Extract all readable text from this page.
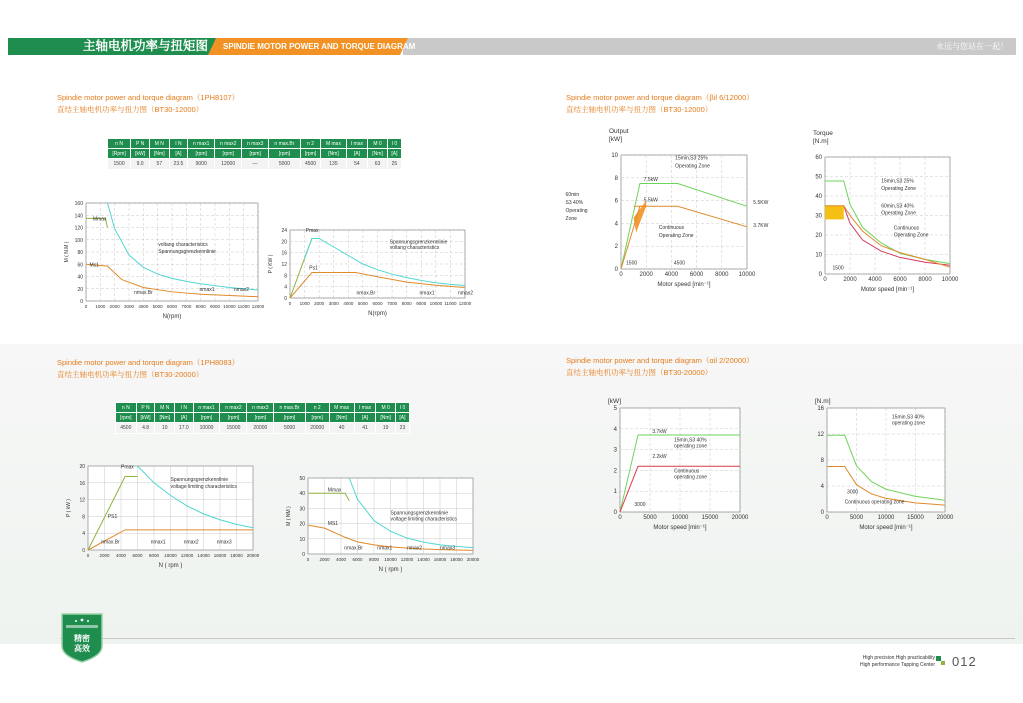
永远与您站在一起！
主轴电机功率与扭矩图 SPINDIE MOTOR POWER AND TORQUE DIAGRAM
Spindie motor power and torque diagram（1PH8107）
直结主轴电机功率与扭力图（BT30-12000）
Spindie motor power and torque diagram（βil 6/12000）
直结主轴电机功率与扭力图（BT30-12000）
Spindie motor power and torque diagram（1PH8083）
直结主轴电机功率与扭力图（BT30-20000）
Spindie motor power and torque diagram（αil 2/20000）
直结主轴电机功率与扭力图（BT30-20000）
n N	P N	M N	I N	n max1	n max2	n max3	n max.Br	n 2	M max	I max	M 0	I 0
[Rpm]	[kW]	[Nm]	[A]	[rpm]	[rpm]	[rpm]	[rpm]	[rpm]	[Nm]	[A]	[Nm]	[A]
1500	9.0	57	23.5	9000	12000	—	5000	4500	135	54	63	25
n N	P N	M N	I N	n max1	n max2	n max3	n max.Br	n 2	M max	I max	M 0	I 0
[rpm]	[kW]	[Nm]	[A]	[rpm]	[rpm]	[rpm]	[rpm]	[rpm]	[Nm]	[A]	[Nm]	[A]
4500	4.8	10	17.0	10000	15000	20000	5000	20000	40	41	19	23
0
20
40
60
80
100
120
140
160
0 1000 2000 3000 4000 5000 6000 7000 8000 9000 10000 11000 12000
M ( N.M )
N(rpm)
Mmax
Spannungsgrenzkennlinie
voltang characteristics
Ms1
nmax.Br	nmax1	nmax2
0
4
8
12
16
20
24
0 1000 2000 3000 4000 5000 6000 7000 8000 9000 10000 11000 12000
P ( KW )
N(rpm)
Pmax
Spannungsgrenzkennlinie
voltang characteristics
Ps1
nmax.Br	nmax1	nmax2
0
2
4
6
8
10
0	2000 4000 6000 8000 10000
Output
[kW]
Motor speed [min⁻¹]
15min,S3 25%
Operating Zone
7.5kW
5.5kW
60min
S3 40%
Operating
Zone
Continuous
Operating Zone
5.5KW
3.7KW
1500	4500
0
10
20
30
40
50
60
0	2000 4000 6000 8000 10000
Torque
[N.m]
Motor speed [min⁻¹]
15min,S3 25%
Operating Zone
60min,S3 40%
Operating Zone
Continuous
Operating Zone
1500
0
4
8
12
16
20
0 2000 4000 6000 8000 10000 12000 14000 16000 18000 20000
P ( kW )
N ( rpm )
Pmax
Spannungsgrenzkennlinie
voltage limiting characteristics
PS1
nmax.Br	nmax1	nmax2	nmax3
0
10
20
30
40
50
0 2000 4000 6000 8000 10000 12000 14000 16000 18000 20000
M ( NM )
N ( rpm )
Mmax
Spannungsgrenzkennlinie
voltage limiting characteristics
MS1
nmax.Br	nmax1	nmax2	nmax3
0
1
2
3
4
5
0	5000 10000 15000 20000
[kW]
Motor speed [min⁻¹]
3.7kW
15min,S3 40%
operating zone
2.2kW
Continuous
operating zone
3000
0
4
8
12
16
0	5000 10000 15000 20000
[N.m]
Motor speed [min⁻¹]
15min,S3 40%
operating zone
3000
Continuous operating zone
精密
高效
High precision High practicability
High performance Tapping Center 012
